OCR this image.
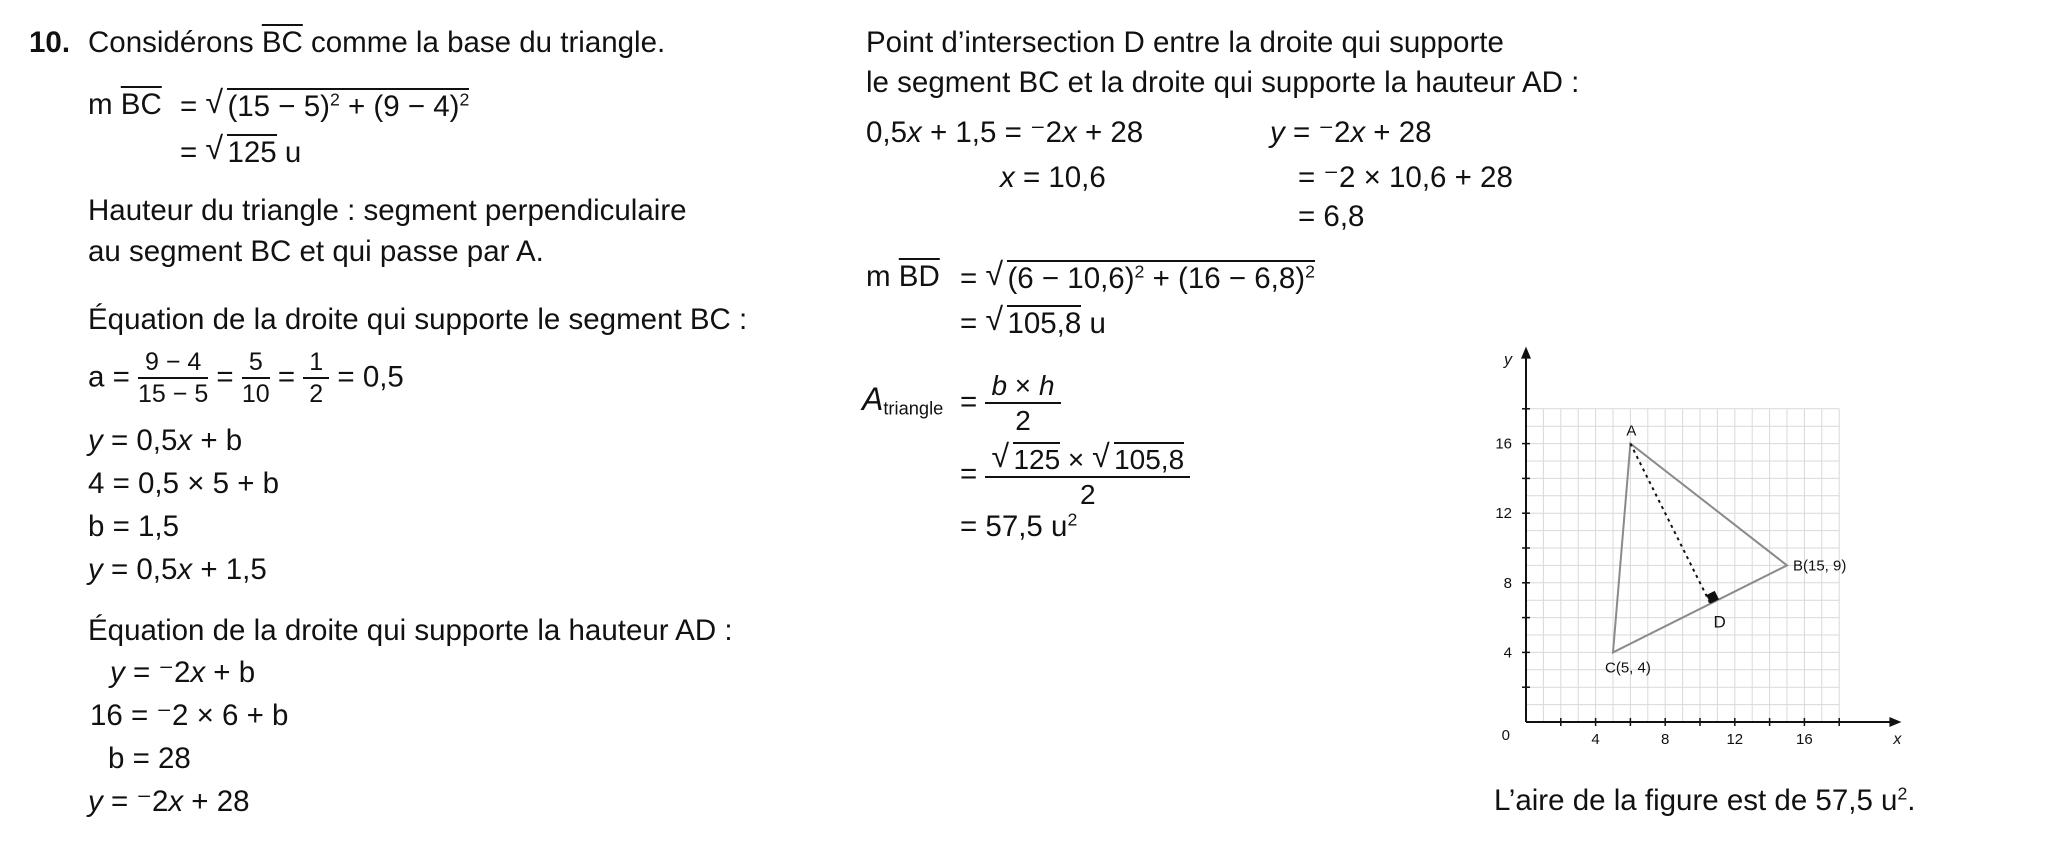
10. Considérons $\overline{BC}$ comme la base du triangle.
m $\overline{BC}$ = √ $(15 - 5)^2 + (9 - 4)^2$
= √ 125 u
Hauteur du triangle : segment perpendiculaire
au segment BC et qui passe par A.
Équation de la droite qui supporte le segment BC :
$a = \frac{9 - 4}{15 - 5} = \frac{5}{10} = \frac{1}{2} = 0,5$
y = 0,5x + b
4 = 0,5 × 5 + b
b = 1,5
y = 0,5x + 1,5
Équation de la droite qui supporte la hauteur AD :
y = ⁻2x + b
16 = ⁻2 × 6 + b
b = 28
y = ⁻2x + 28
Point d’intersection D entre la droite qui supporte
le segment BC et la droite qui supporte la hauteur AD :
0,5x + 1,5 = ⁻2x + 28
x = 10,6
y = ⁻2x + 28
= ⁻2 × 10,6 + 28
= 6,8
m $\overline{BD}$ = √ $(6 - 10,6)^2 + (16 - 6,8)^2$
= √ 105,8 u
$A_{triangle} = \frac{b \times h}{2}$
= √ $\frac{125 \times √ 105,8}{2}$
= 57,5 $u^2$
4	8	12	16
4
8
12
16
0	x
y
A
B(15, 9)
C(5, 4)
D
L’aire de la figure est de 57,5 $u^2$.
